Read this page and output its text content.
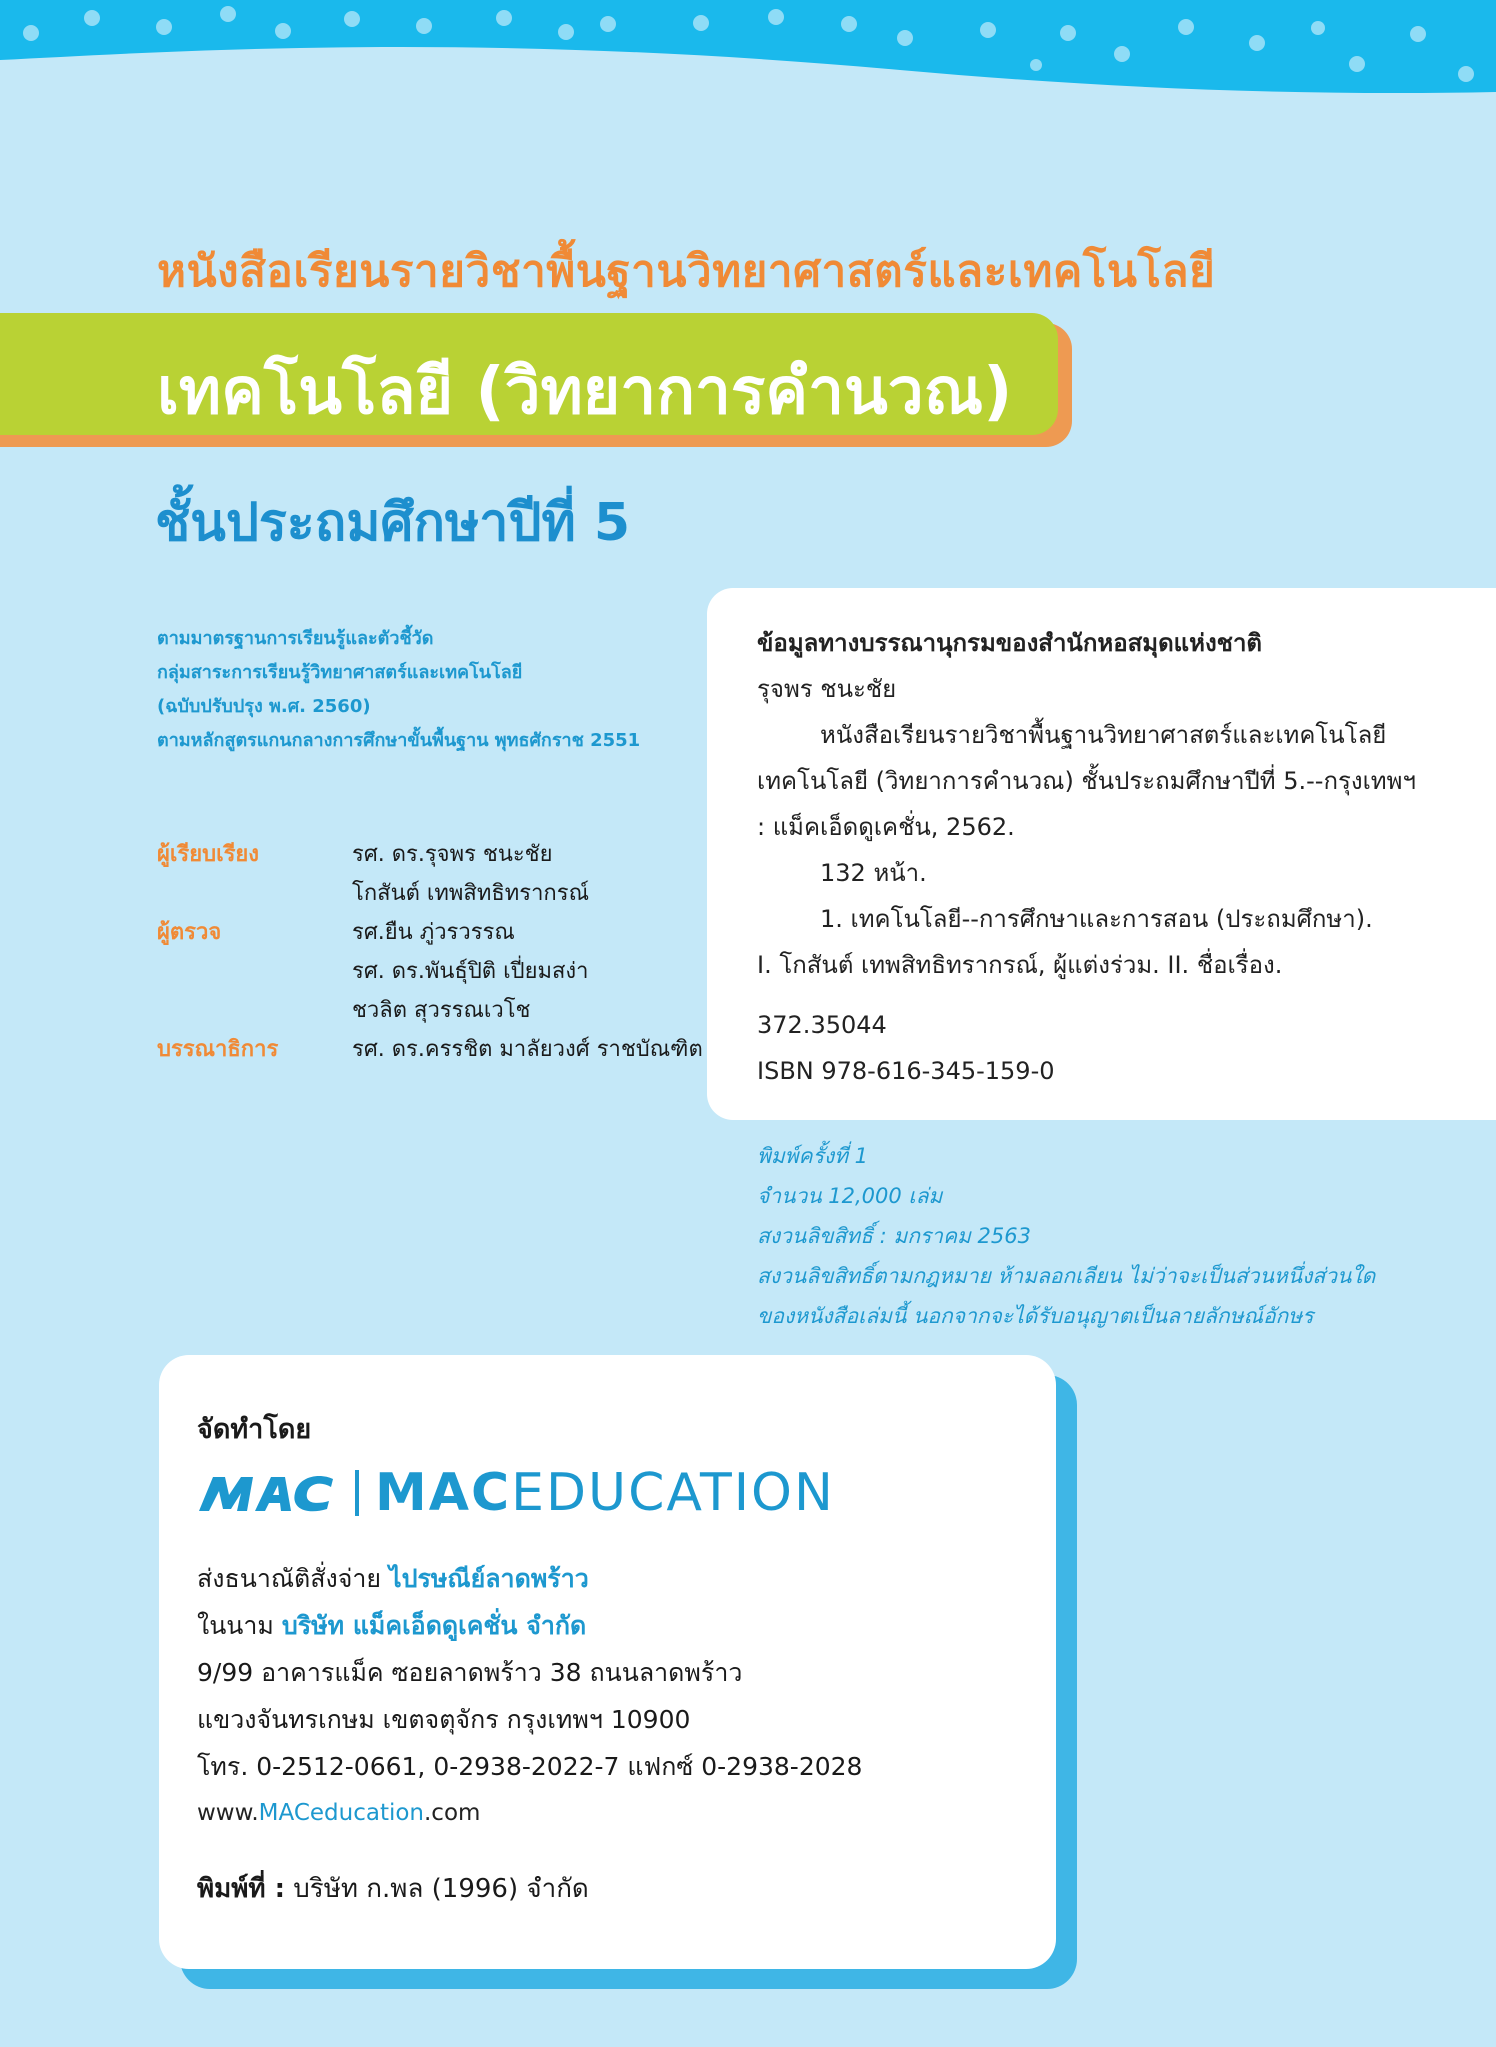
หนังสือเรียนรายวิชาพื้นฐานวิทยาศาสตร์และเทคโนโลยี
เทคโนโลยี (วิทยาการคำนวณ)
ชั้นประถมศึกษาปีที่ 5
ตามมาตรฐานการเรียนรู้และตัวชี้วัด
กลุ่มสาระการเรียนรู้วิทยาศาสตร์และเทคโนโลยี
(ฉบับปรับปรุง พ.ศ. 2560)
ตามหลักสูตรแกนกลางการศึกษาขั้นพื้นฐาน พุทธศักราช 2551
ผู้เรียบเรียง	รศ. ดร.รุจพร ชนะชัย
โกสันต์ เทพสิทธิทรากรณ์
ผู้ตรวจ	รศ.ยืน ภู่วรวรรณ
รศ. ดร.พันธุ์ปิติ เปี่ยมสง่า
ชวลิต สุวรรณเวโช
บรรณาธิการ	รศ. ดร.ครรชิต มาลัยวงศ์ ราชบัณฑิต
ข้อมูลทางบรรณานุกรมของสำนักหอสมุดแห่งชาติ
รุจพร ชนะชัย
หนังสือเรียนรายวิชาพื้นฐานวิทยาศาสตร์และเทคโนโลยี
เทคโนโลยี (วิทยาการคำนวณ) ชั้นประถมศึกษาปีที่ 5.--กรุงเทพฯ
: แม็คเอ็ดดูเคชั่น, 2562.
132 หน้า.
1. เทคโนโลยี--การศึกษาและการสอน (ประถมศึกษา).
I. โกสันต์ เทพสิทธิทรากรณ์, ผู้แต่งร่วม. II. ชื่อเรื่อง.
372.35044
ISBN 978-616-345-159-0
พิมพ์ครั้งที่ 1
จำนวน 12,000 เล่ม
สงวนลิขสิทธิ์ : มกราคม 2563
สงวนลิขสิทธิ์ตามกฎหมาย ห้ามลอกเลียน ไม่ว่าจะเป็นส่วนหนึ่งส่วนใด
ของหนังสือเล่มนี้ นอกจากจะได้รับอนุญาตเป็นลายลักษณ์อักษร
จัดทำโดย
MACEDUCATION
ส่งธนาณัติสั่งจ่าย ไปรษณีย์ลาดพร้าว
ในนาม บริษัท แม็คเอ็ดดูเคชั่น จำกัด
9/99 อาคารแม็ค ซอยลาดพร้าว 38 ถนนลาดพร้าว
แขวงจันทรเกษม เขตจตุจักร กรุงเทพฯ 10900
โทร. 0-2512-0661, 0-2938-2022-7 แฟกซ์ 0-2938-2028
www.MACeducation.com
พิมพ์ที่ : บริษัท ก.พล (1996) จำกัด
